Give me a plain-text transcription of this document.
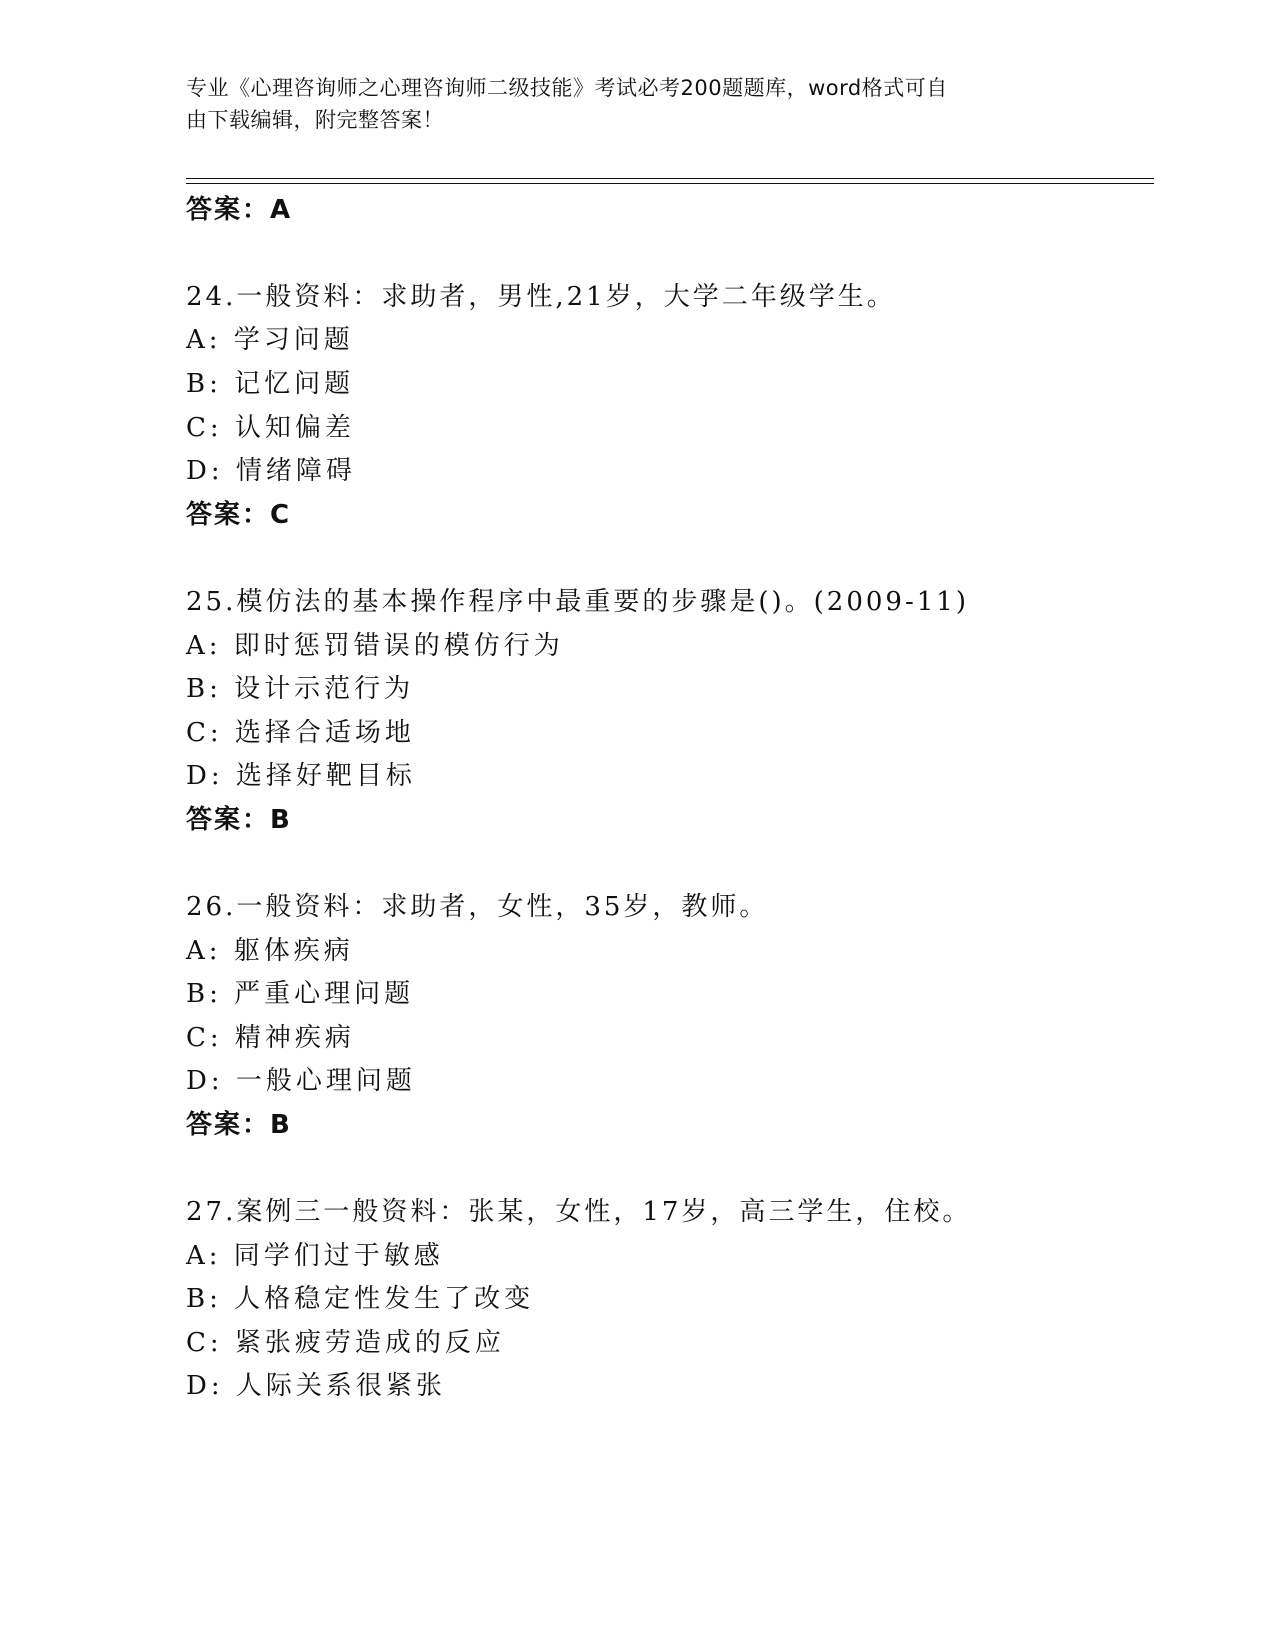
专业《心理咨询师之心理咨询师二级技能》考试必考200题题库，word格式可自
由下载编辑，附完整答案！
答案：A
24.一般资料：求助者，男性,21岁，大学二年级学生。
A: 学习问题
B: 记忆问题
C: 认知偏差
D: 情绪障碍
答案：C
25.模仿法的基本操作程序中最重要的步骤是()。(2009-11)
A: 即时惩罚错误的模仿行为
B: 设计示范行为
C: 选择合适场地
D: 选择好靶目标
答案：B
26.一般资料：求助者，女性，35岁，教师。
A: 躯体疾病
B: 严重心理问题
C: 精神疾病
D: 一般心理问题
答案：B
27.案例三一般资料：张某，女性，17岁，高三学生，住校。
A: 同学们过于敏感
B: 人格稳定性发生了改变
C: 紧张疲劳造成的反应
D: 人际关系很紧张
